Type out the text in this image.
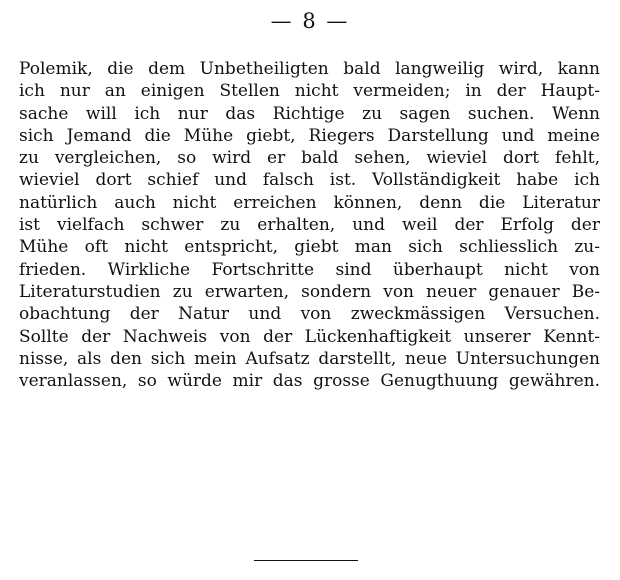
— 8 —
Polemik, die dem Unbetheiligten bald langweilig wird, kann
ich nur an einigen Stellen nicht vermeiden; in der Haupt-
sache will ich nur das Richtige zu sagen suchen. Wenn
sich Jemand die Mühe giebt, Riegers Darstellung und meine
zu vergleichen, so wird er bald sehen, wieviel dort fehlt,
wieviel dort schief und falsch ist. Vollständigkeit habe ich
natürlich auch nicht erreichen können, denn die Literatur
ist vielfach schwer zu erhalten, und weil der Erfolg der
Mühe oft nicht entspricht, giebt man sich schliesslich zu-
frieden. Wirkliche Fortschritte sind überhaupt nicht von
Literaturstudien zu erwarten, sondern von neuer genauer Be-
obachtung der Natur und von zweckmässigen Versuchen.
Sollte der Nachweis von der Lückenhaftigkeit unserer Kennt-
nisse, als den sich mein Aufsatz darstellt, neue Untersuchungen
veranlassen, so würde mir das grosse Genugthuung gewähren.
